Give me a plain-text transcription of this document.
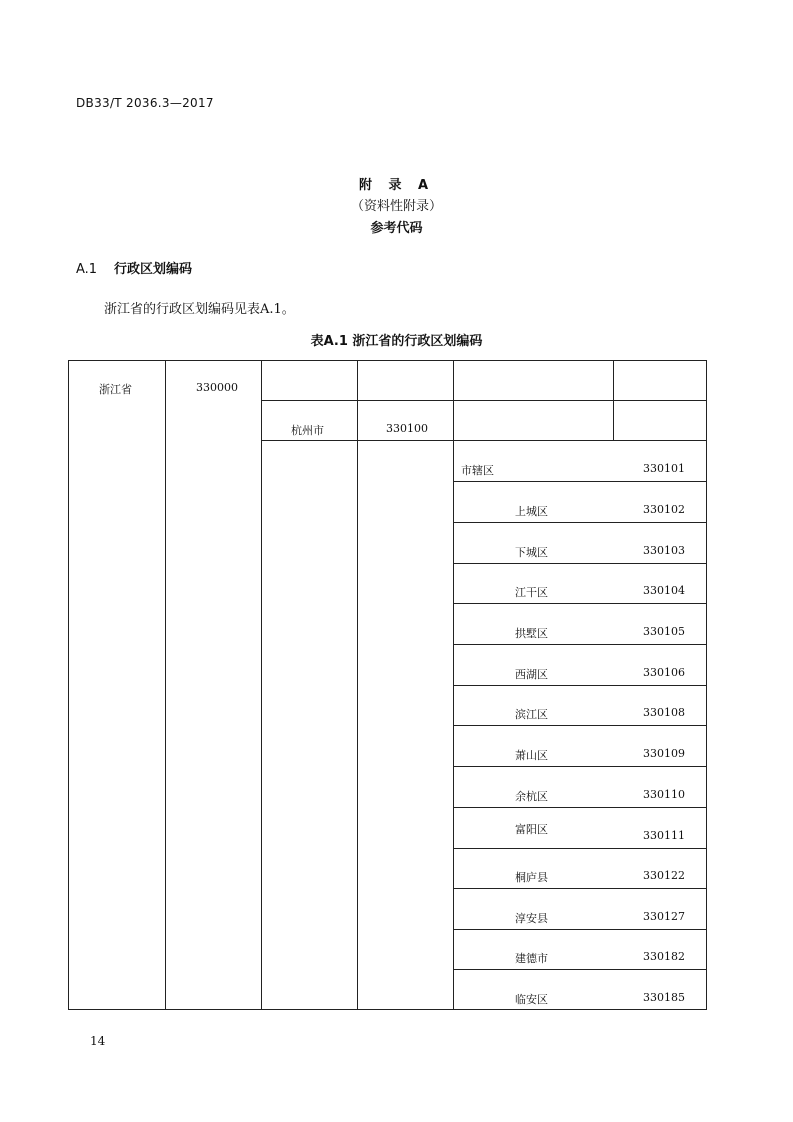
DB33/T 2036.3—2017
附 录 A
（资料性附录）
参考代码
A.1 行政区划编码
浙江省的行政区划编码见表A.1。
表A.1 浙江省的行政区划编码
浙江省	330000
杭州市	330100
市辖区	330101
上城区	330102
下城区	330103
江干区	330104
拱墅区	330105
西湖区	330106
滨江区	330108
萧山区	330109
余杭区	330110
富阳区	330111
桐庐县	330122
淳安县	330127
建德市	330182
临安区	330185
14
